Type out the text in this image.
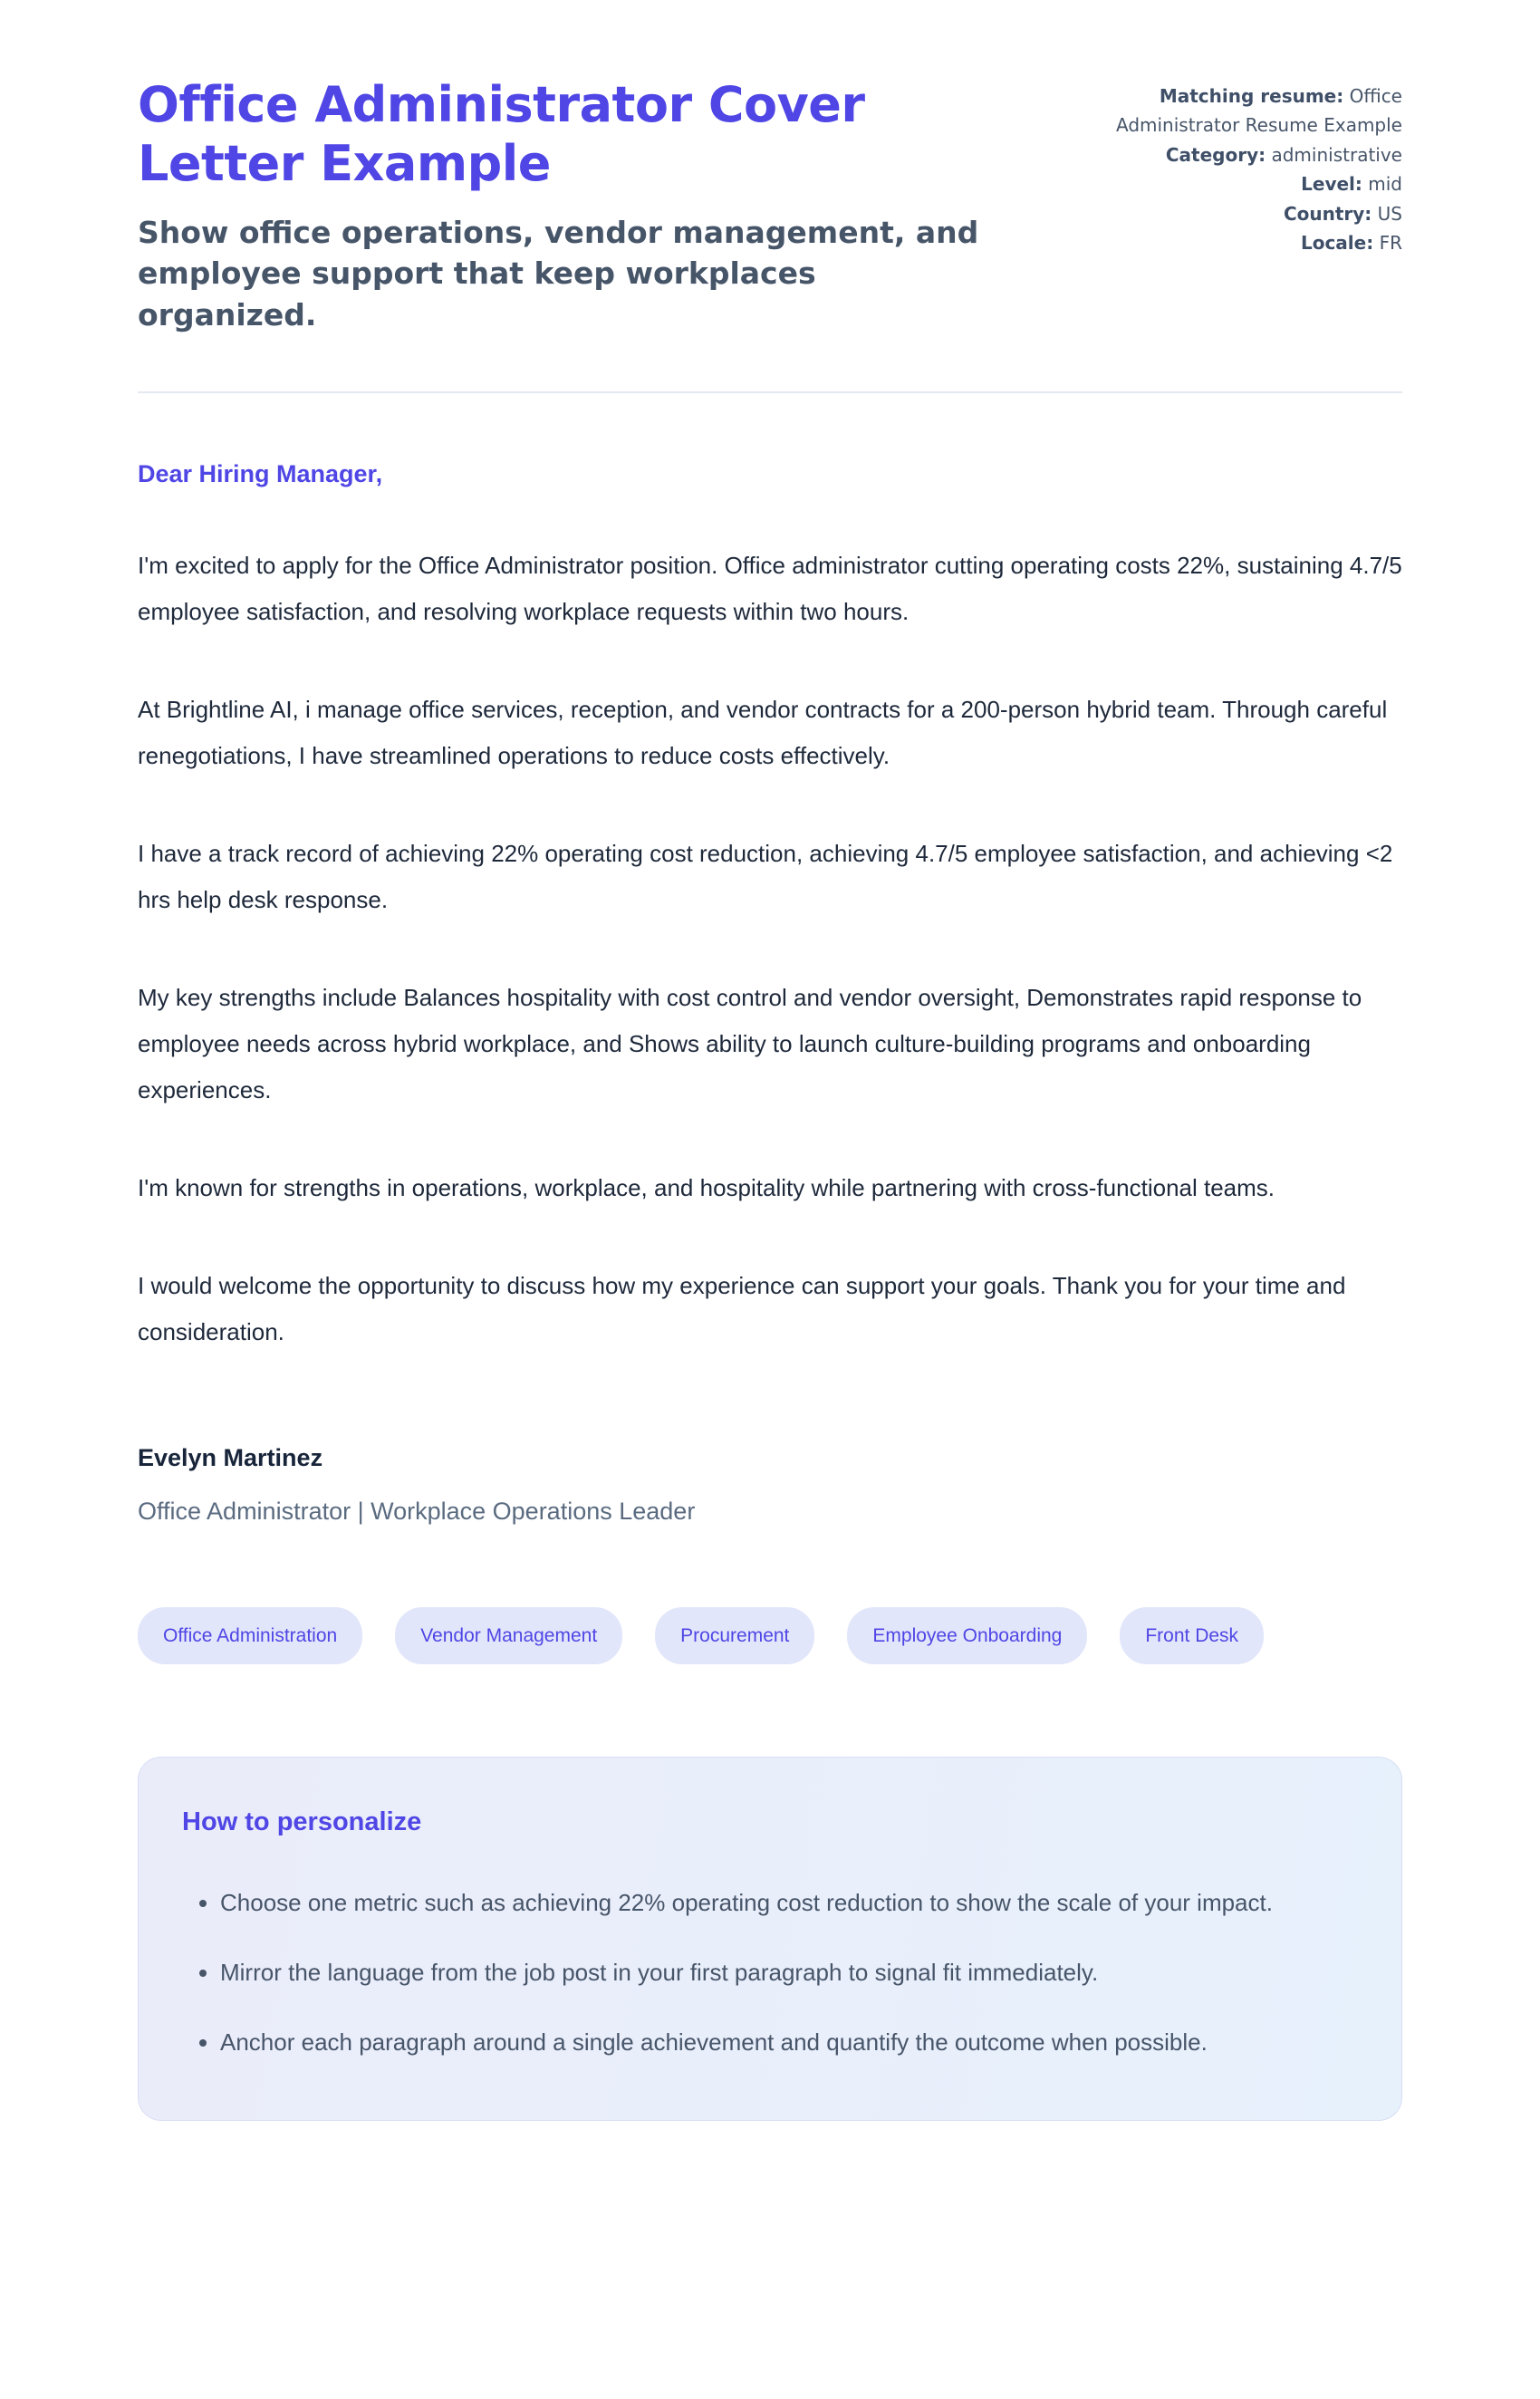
Office Administrator Cover Letter Example

Show office operations, vendor management, and employee support that keep workplaces organized.

Matching resume: Office Administrator Resume Example
Category: administrative
Level: mid
Country: US
Locale: FR

Dear Hiring Manager,

I'm excited to apply for the Office Administrator position. Office administrator cutting operating costs 22%, sustaining 4.7/5 employee satisfaction, and resolving workplace requests within two hours.

At Brightline AI, i manage office services, reception, and vendor contracts for a 200-person hybrid team. Through careful renegotiations, I have streamlined operations to reduce costs effectively.

I have a track record of achieving 22% operating cost reduction, achieving 4.7/5 employee satisfaction, and achieving <2 hrs help desk response.

My key strengths include Balances hospitality with cost control and vendor oversight, Demonstrates rapid response to employee needs across hybrid workplace, and Shows ability to launch culture-building programs and onboarding experiences.

I'm known for strengths in operations, workplace, and hospitality while partnering with cross-functional teams.

I would welcome the opportunity to discuss how my experience can support your goals. Thank you for your time and consideration.

Evelyn Martinez

Office Administrator | Workplace Operations Leader

Office Administration	Vendor Management	Procurement	Employee Onboarding	Front Desk
How to personalize
• Choose one metric such as achieving 22% operating cost reduction to show the scale of your impact.
• Mirror the language from the job post in your first paragraph to signal fit immediately.
• Anchor each paragraph around a single achievement and quantify the outcome when possible.
